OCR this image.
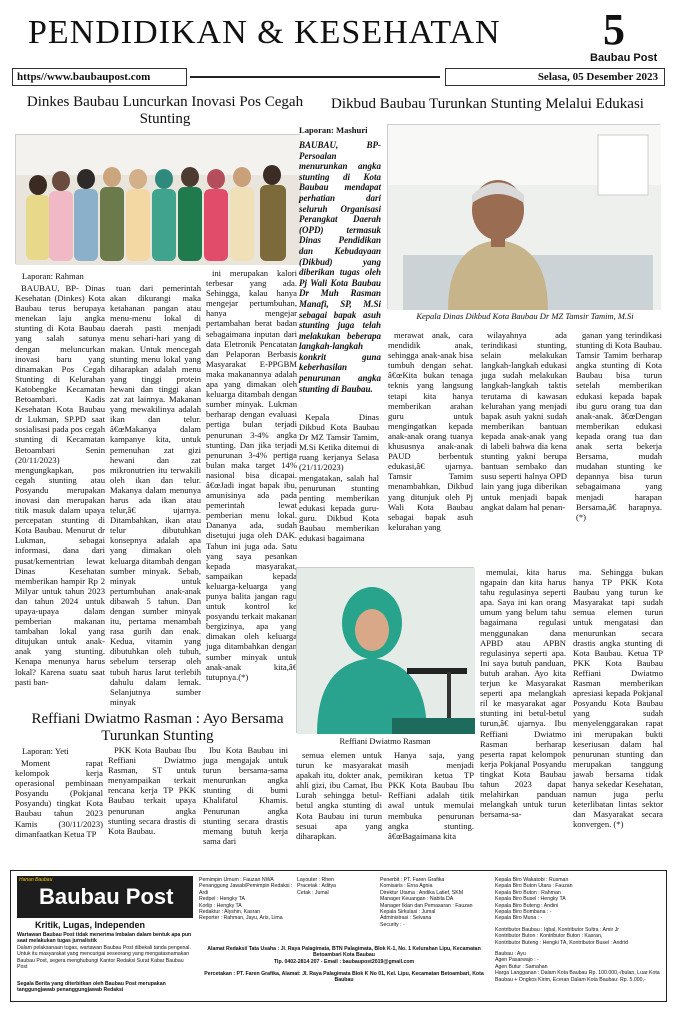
PENDIDIKAN & KESEHATAN 5
Baubau Post
https//www.baubaupost.com	Selasa, 05 Desember 2023
Dinkes Baubau Luncurkan Inovasi Pos Cegah Stunting
Laporan: Rahman

BAUBAU, BP- Dinas Kesehatan (Dinkes) Kota Baubau terus berupaya menekan laju angka stunting di Kota Baubau yang salah satunya dengan meluncurkan inovasi baru yang dinamakan Pos Cegah Stunting di Kelurahan Katobengke Kecamatan Betoambari. Kadis Kesehatan Kota Baubau dr Lukman, SP.PD saat sosialisasi pada pos cegah stunting di Kecamatan Betoambari Senin (20/11/2023) mengungkapkan, pos cegah stunting atau Posyandu merupakan inovasi dan merupakan titik masuk dalam upaya percepatan stunting di Kota Baubau. Menurut dr Lukman, sebagai informasi, dana dari pusat/kementrian lewat Dinas Kesehatan memberikan hampir Rp 2 Milyar untuk tahun 2023 dan tahun 2024 untuk upaya-upaya dalam pemberian makanan tambahan lokal yang ditujukan untuk anak-anak yang stunting. Kenapa menunya harus lokal? Karena suatu saat pasti ban-

tuan dari pemerintah akan dikurangi maka ketahanan pangan atau menu-menu lokal di daerah pasti menjadi menu sehari-hari yang di makan. Untuk mencegah stunting menu lokal yang diharapkan adalah menu yang tinggi protein hewani dan tinggi akan zat zat lainnya. Makanan yang mewakilinya adalah ikan dan telur. â€œMakanya dalam kampanye kita, untuk pemenuhan zat gizi hewani dan zat mikronutrien itu terwakili oleh ikan dan telur. Makanya dalam menunya harus ada ikan atau telur,â€ ujarnya. Ditambahkan, ikan atau telur dibutuhkan konsepnya adalah apa yang dimakan oleh keluarga ditambah dengan sumber minyak. Sebab, minyak untuk pertumbuhan anak-anak dibawah 5 tahun. Dan dengan sumber minyak itu, pertama menambah rasa gurih dan enak. Kedua, vitamin yang dibutuhkan oleh tubuh, sebelum terserap oleh tubuh harus larut terlebih dahulu dalam lemak. Selanjutnya sumber minyak

ini merupakan kalori terbesar yang ada. Sehingga, kalau hanya mengejar pertumbuhan, hanya mengejar pertambahan berat badan sebagaimana inputan dari data Eletronik Pencatatan dan Pelaporan Berbasis Masyarakat E-PPGBM maka makanannya adalah apa yang dimakan oleh keluarga ditambah dengan sumber minyak. Lukman berharap dengan evaluasi pertiga bulan terjadi penurunan 3-4% angka stunting. Dan jika terjadi penurunan 3-4% pertiga bulan maka target 14% nasional bisa dicapai. â€œJadi ingat bapak ibu, amunisinya ada pada pemerintah lewat pemberian menu lokal. Dananya ada, sudah disetujui juga oleh DAK. Tahun ini juga ada. Satu yang saya pesankan kepada masyarakat, sampaikan kepada keluarga-keluarga yang punya balita jangan ragu untuk kontrol ke posyandu terkait makanan bergizinya, apa yang dimakan oleh keluarga juga ditambahkan dengan sumber minyak untuk anak-anak kita,â€ tutupnya.(*)

Dikbud Baubau Turunkan Stunting Melalui Edukasi
Laporan: Mashuri
BAUBAU, BP- Persoalan menurunkan angka stunting di Kota Baubau mendapat perhatian dari seluruh Organisasi Perangkat Daerah (OPD) termasuk Dinas Pendidikan dan Kebudayaan (Dikbud) yang diberikan tugas oleh Pj Wali Kota Baubau Dr Muh Rasman Manafi, SP, M.Si sebagai bapak asuh stunting juga telah melakukan beberapa langkah-langkah konkrit guna keberhasilan penurunan angka stunting di Baubau.
Kepala Dinas Dikbud Kota Baubau Dr MZ Tamsir Tamim, M.Si

Kepala Dinas Dikbud Kota Baubau Dr MZ Tamsir Tamim, M.Si Ketika ditemui di ruang kerjanya Selasa (21/11/2023) mengatakan, salah hal penurunan stunting penting memberikan edukasi kepada guru-guru. Dikbud Kota Baubau memberikan edukasi bagaimana

merawat anak, cara mendidik anak, sehingga anak-anak bisa tumbuh dengan sehat. â€œKita bukan tenaga teknis yang langsung tetapi kita hanya memberikan arahan guru untuk mengingatkan kepada anak-anak orang tuanya khususnya anak-anak PAUD berbentuk edukasi,â€ ujarnya. Tamsir Tamim menambahkan, Dikbud yang ditunjuk oleh Pj Wali Kota Baubau sebagai bapak asuh kelurahan yang

wilayahnya ada terindikasi stunting, selain melakukan langkah-langkah edukasi juga sudah melakukan langkah-langkah taktis terutama di kawasan kelurahan yang menjadi bapak asuh yakni sudah memberikan bantuan kepada anak-anak yang di labeli bahwa dia kena stunting yakni berupa bantuan sembako dan susu seperti halnya OPD lain yang juga diberikan untuk menjadi bapak angkat dalam hal penan-

ganan yang terindikasi stunting di Kota Baubau. Tamsir Tamim berharap angka stunting di Kota Baubau bisa turun setelah memberikan edukasi kepada bapak ibu guru orang tua dan anak-anak. â€œDengan memberikan edukasi kepada orang tua dan anak serta bekerja Bersama, mudah mudahan stunting ke depannya bisa turun sebagaimana yang menjadi harapan Bersama,â€ harapnya.(*)

Reffiani Dwiatmo Rasman

memulai, kita harus ngapain dan kita harus tahu regulasinya seperti apa. Saya ini kan orang umum yang belum tahu bagaimana regulasi menggunakan dana APBD atau APBN regulasinya seperti apa. Ini saya butuh panduan, butuh arahan. Ayo kita terjun ke Masyarakat seperti apa melangkah ril ke masyarakat agar stunting ini betul-betul turun,â€ ujarnya. Ibu Reffiani Dwiatmo Rasman berharap peserta rapat kelompok kerja Pokjanal Posyandu tingkat Kota Baubau tahun 2023 dapat melahirkan panduan melangkah untuk turun bersama-sa-

ma. Sehingga bukan hanya TP PKK Kota Baubau yang turun ke Masyarakat tapi sudah semua elemen turun untuk mengatasi dan menurunkan secara drastis angka stunting di Kota Baubau. Ketua TP PKK Kota Baubau Reffiani Dwiatmo Rasman memberikan apresiasi kepada Pokjanal Posyandu Kota Baubau yang sudah menyelenggarakan rapat ini merupakan bukti keseriusan dalam hal penurunan stunting dan merupakan tanggung jawab bersama tidak hanya sekedar Kesehatan, namun juga perlu keterlibatan lintas sektor dan Masyarakat secara konvergen. (*)

Reffiani Dwiatmo Rasman : Ayo Bersama Turunkan Stunting
Laporan: Yeti

Moment rapat kelompok kerja operasional pembinaan Posyandu (Pokjanal Posyandu) tingkat Kota Baubau tahun 2023 Kamis (30/11/2023) dimanfaatkan Ketua TP

PKK Kota Baubau Ibu Reffiani Dwiatmo Rasman, ST untuk menyampaikan terkait rencana kerja TP PKK Baubau terkait upaya penurunan angka stunting secara drastis di Kota Baubau.

Ibu Kota Baubau ini juga mengajak untuk turun bersama-sama menurunkan angka stunting di bumi Khalifatul Khamis. Penurunan angka stunting secara drastis memang butuh kerja sama dari

semua elemen untuk turun ke masyarakat apakah itu, dokter anak, ahli gizi, ibu Camat, Ibu Lurah sehingga betul-betul angka stunting di Kota Baubau ini turun sesuai apa yang diharapkan.

Hanya saja, yang masih menjadi pemikiran ketua TP PKK Kota Baubau Ibu Reffiani adalah titik awal untuk memulai membuka penurunan angka stunting. â€œBagaimana kita

Harian Baubau
Baubau Post
Kritik, Lugas, Independen
Wartawan Baubau Post tidak menerima Imbalan dalam bentuk apa pun saat melakukan tugas jurnalistik
Dalam pelaksanaan tugas, wartawan Baubau Post dibekali tanda pengenal. Untuk itu masyarakat yang mencurigai seseorang yang mengatasnamakan Baubau Post, segera menghubungi Kantor Redaksi Surat Kabar Baubau Post
Segala Berita yang diterbitkan oleh Baubau Post merupakan tanggungjawab penanggungjawab Redaksi
Pemimpin Umum : Fauzan NWA
Penanggung Jawab/Pemimpin Redaksi : Ardi
Redpel : Hengky TA
Korlip : Hengky TA
Redaktur : Alyshin, Kasran
Reporter : Rahman, Jayu, Aris, Lima
Layouter : Rhen
Pracetak : Aditya
Cetak : Jumal
Penerbit : PT. Faren Grafika
Komisaris : Erna Agnia
Direktur Utama : Andika Latief, SKM
Manager Keuangan : Nabila DA
Manager Iklan dan Pemasaran : Fauzan
Kepala Sirkulasi : Jumal
Administrasi : Selvana
Security : -
Kepala Biro Wakatobi : Rusman
Kepala Biro Buton Utara : Fauzan
Kepala Biro Buton : Rahman
Kepala Biro Busel : Hengky TA
Kepala Biro Buteng : Andini
Kepala Biro Bombana : -
Kepala Biro Muna : -
Kontributor Baubau : Iqbal, Kontributor Sultra : Amir Jr
Kontributor Buton : Kontributor Buton : Kasran,
Kontributor Buteng : Hengki TA, Kontributor Busel : Andrid
Alamat Redaksi/ Tata Usaha : Jl. Raya Palagimata, BTN Palagimata, Blok K-1, No. 1 Kelurahan Lipu, Kecamatan Betoambari Kota Baubau
Tlp. 0402-2814 207 - Email : baubaupost2019@gmail.com
Percetakan : PT. Faren Grafika, Alamat: Jl. Raya Palagimata Blok K No 01, Kel. Lipu, Kecamatan Betoambari, Kota Baubau
Baubau : Ayu
Agen Pasarwajo : -
Agen Butur : Samahan
Harga Langganan : Dalam Kota Baubau Rp. 100.000,-/bulan, Luar Kota Baubau + Ongkos Kirim, Eceran Dalam Kota Baubau: Rp. 5.000,-
